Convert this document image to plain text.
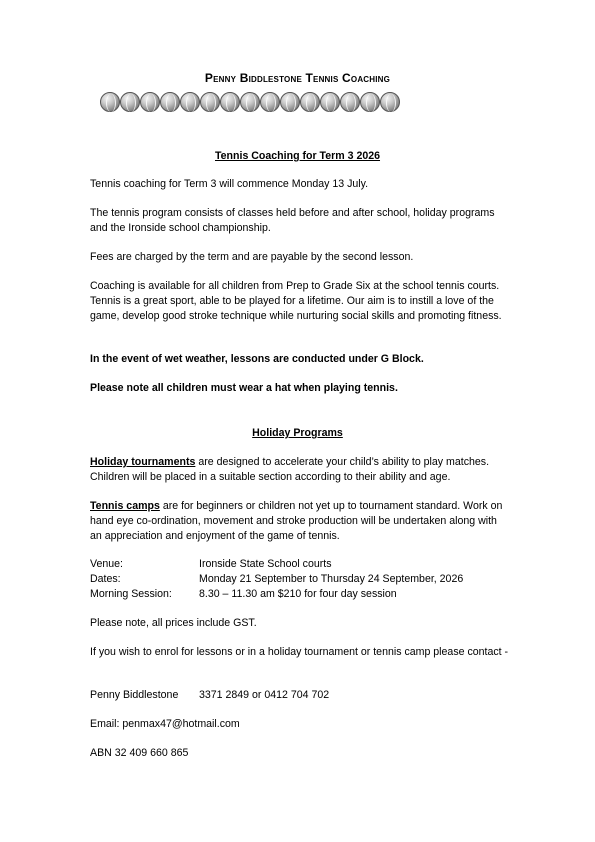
Penny Biddlestone Tennis Coaching
Tennis Coaching for Term 3 2026
Tennis coaching for Term 3 will commence Monday 13 July.
The tennis program consists of classes held before and after school, holiday programs and the Ironside school championship.
Fees are charged by the term and are payable by the second lesson.
Coaching is available for all children from Prep to Grade Six at the school tennis courts. Tennis is a great sport, able to be played for a lifetime. Our aim is to instill a love of the game, develop good stroke technique while nurturing social skills and promoting fitness.
In the event of wet weather, lessons are conducted under G Block.
Please note all children must wear a hat when playing tennis.
Holiday Programs
Holiday tournaments are designed to accelerate your child’s ability to play matches. Children will be placed in a suitable section according to their ability and age.
Tennis camps are for beginners or children not yet up to tournament standard. Work on hand eye co-ordination, movement and stroke production will be undertaken along with an appreciation and enjoyment of the game of tennis.
Venue:	Ironside State School courts
Dates:	Monday 21 September to Thursday 24 September, 2026
Morning Session:	8.30 – 11.30 am $210 for four day session
Please note, all prices include GST.
If you wish to enrol for lessons or in a holiday tournament or tennis camp please contact -
Penny Biddlestone	3371 2849 or 0412 704 702
Email: penmax47@hotmail.com
ABN 32 409 660 865
